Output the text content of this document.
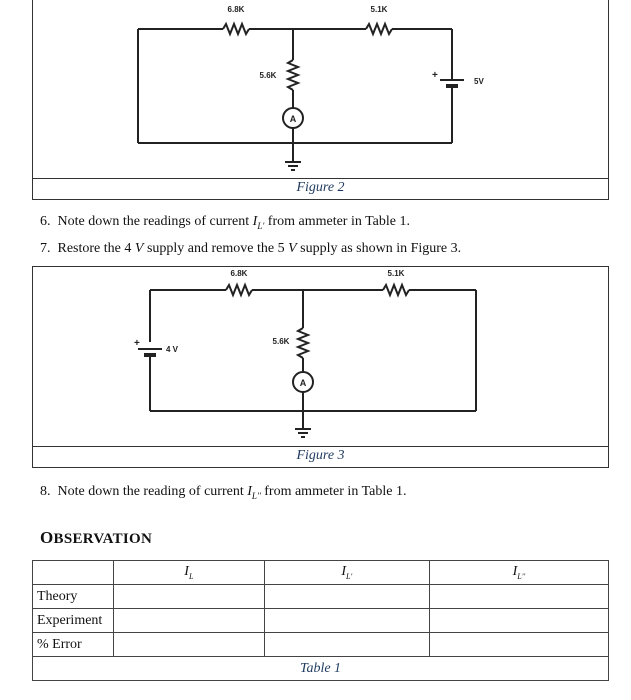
A
6.8K	5.1K
5.6K
5V
+
Figure 2
6. Note down the readings of current $I_{L'}$ from ammeter in Table 1.
7. Restore the 4 V supply and remove the 5 V supply as shown in Figure 3.
A
6.8K	5.1K
5.6K
4 V
+
Figure 3
8. Note down the reading of current $I_{L''}$ from ammeter in Table 1.
OBSERVATION
	$I_L$	$I_{L'}$	$I_{L''}$
Theory			
Experiment			
% Error			
Table 1			
